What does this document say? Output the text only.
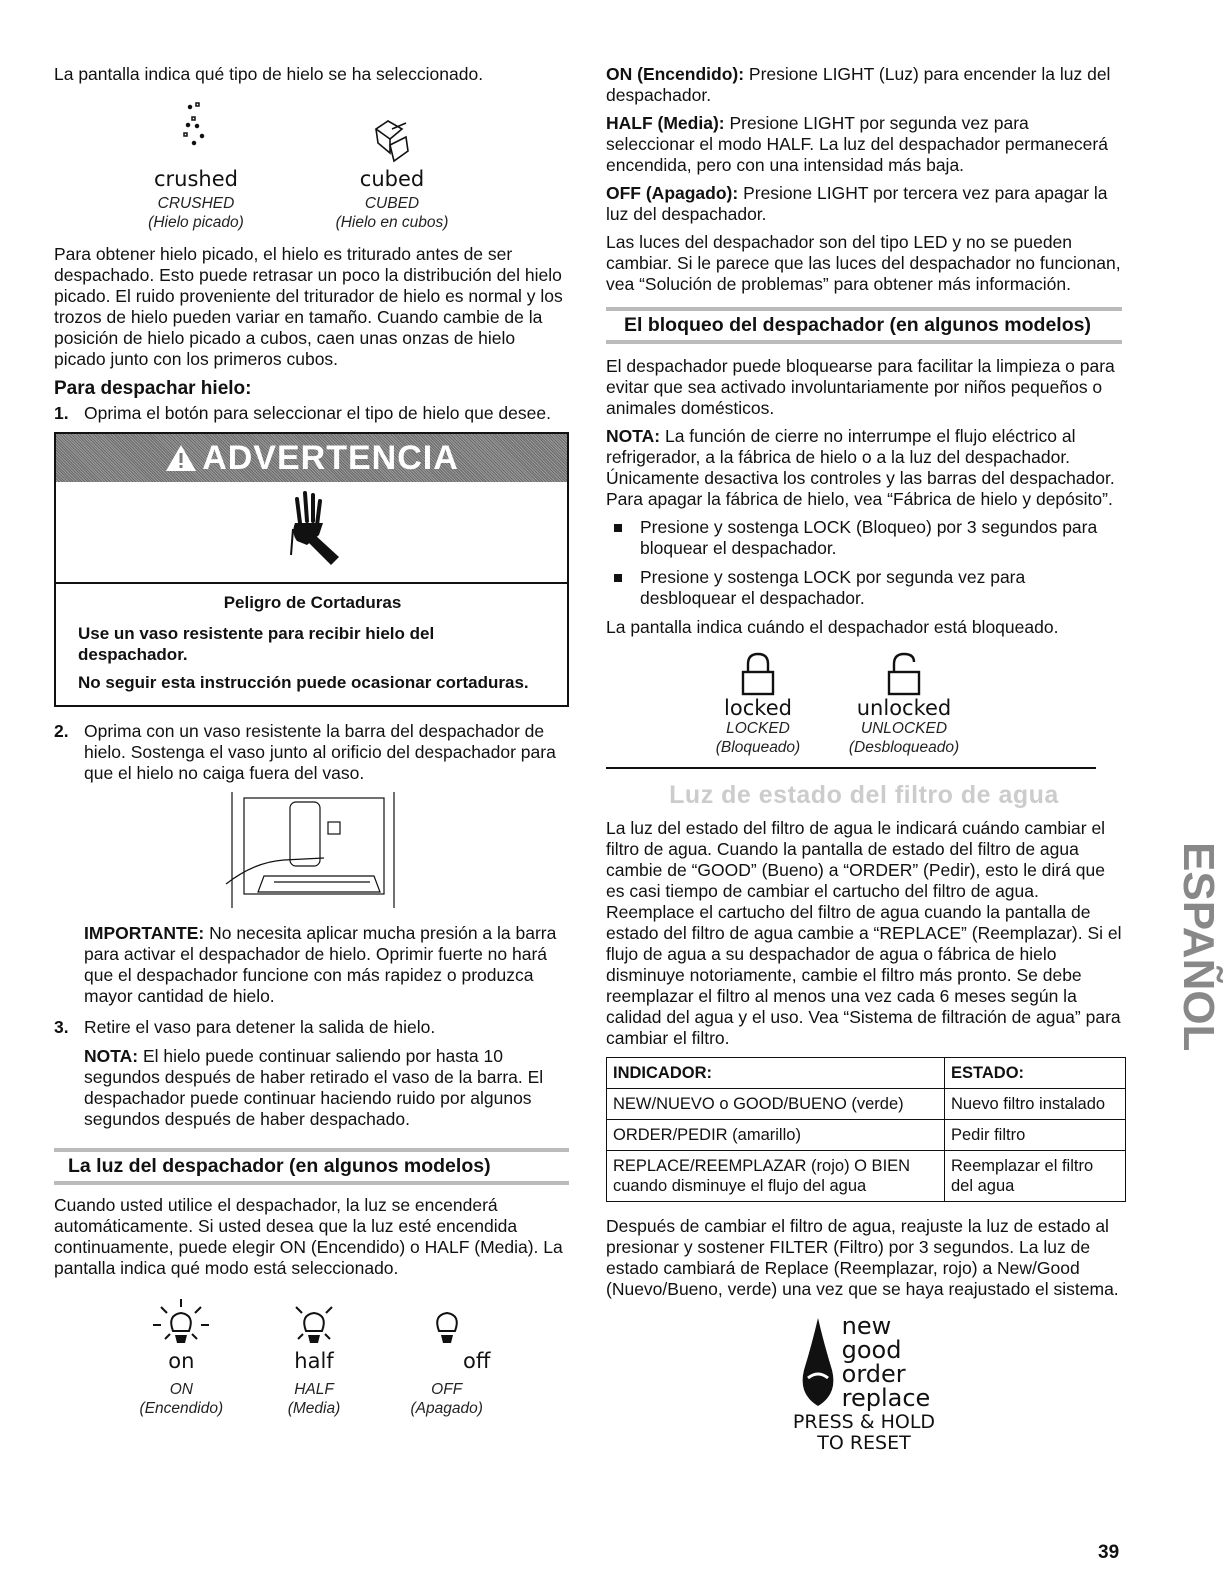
La pantalla indica qué tipo de hielo se ha seleccionado.

crushed
CRUSHED
(Hielo picado)
cubed
CUBED
(Hielo en cubos)

Para obtener hielo picado, el hielo es triturado antes de ser despachado. Esto puede retrasar un poco la distribución del hielo picado. El ruido proveniente del triturador de hielo es normal y los trozos de hielo pueden variar en tamaño. Cuando cambie de la posición de hielo picado a cubos, caen unas onzas de hielo picado junto con los primeros cubos.

Para despachar hielo:
1. Oprima el botón para seleccionar el tipo de hielo que desee.
ADVERTENCIA
Peligro de Cortaduras

Use un vaso resistente para recibir hielo del despachador.

No seguir esta instrucción puede ocasionar cortaduras.

2. Oprima con un vaso resistente la barra del despachador de hielo. Sostenga el vaso junto al orificio del despachador para que el hielo no caiga fuera del vaso.

IMPORTANTE: No necesita aplicar mucha presión a la barra para activar el despachador de hielo. Oprimir fuerte no hará que el despachador funcione con más rapidez o produzca mayor cantidad de hielo.

3. Retire el vaso para detener la salida de hielo.

NOTA: El hielo puede continuar saliendo por hasta 10 segundos después de haber retirado el vaso de la barra. El despachador puede continuar haciendo ruido por algunos segundos después de haber despachado.

La luz del despachador (en algunos modelos)

Cuando usted utilice el despachador, la luz se encenderá automáticamente. Si usted desea que la luz esté encendida continuamente, puede elegir ON (Encendido) o HALF (Media). La pantalla indica qué modo está seleccionado.

on
ON
(Encendido)
half
HALF
(Media)
off
OFF
(Apagado)

ON (Encendido): Presione LIGHT (Luz) para encender la luz del despachador.

HALF (Media): Presione LIGHT por segunda vez para seleccionar el modo HALF. La luz del despachador permanecerá encendida, pero con una intensidad más baja.

OFF (Apagado): Presione LIGHT por tercera vez para apagar la luz del despachador.

Las luces del despachador son del tipo LED y no se pueden cambiar. Si le parece que las luces del despachador no funcionan, vea “Solución de problemas” para obtener más información.

El bloqueo del despachador (en algunos modelos)

El despachador puede bloquearse para facilitar la limpieza o para evitar que sea activado involuntariamente por niños pequeños o animales domésticos.

NOTA: La función de cierre no interrumpe el flujo eléctrico al refrigerador, a la fábrica de hielo o a la luz del despachador. Únicamente desactiva los controles y las barras del despachador. Para apagar la fábrica de hielo, vea “Fábrica de hielo y depósito”.

Presione y sostenga LOCK (Bloqueo) por 3 segundos para bloquear el despachador.
Presione y sostenga LOCK por segunda vez para desbloquear el despachador.

La pantalla indica cuándo el despachador está bloqueado.

locked
LOCKED
(Bloqueado)
unlocked
UNLOCKED
(Desbloqueado)
Luz de estado del filtro de agua

La luz del estado del filtro de agua le indicará cuándo cambiar el filtro de agua. Cuando la pantalla de estado del filtro de agua cambie de “GOOD” (Bueno) a “ORDER” (Pedir), esto le dirá que es casi tiempo de cambiar el cartucho del filtro de agua. Reemplace el cartucho del filtro de agua cuando la pantalla de estado del filtro de agua cambie a “REPLACE” (Reemplazar). Si el flujo de agua a su despachador de agua o fábrica de hielo disminuye notoriamente, cambie el filtro más pronto. Se debe reemplazar el filtro al menos una vez cada 6 meses según la calidad del agua y el uso. Vea “Sistema de filtración de agua” para cambiar el filtro.

INDICADOR:	ESTADO:
NEW/NUEVO o GOOD/BUENO (verde)	Nuevo filtro instalado
ORDER/PEDIR (amarillo)	Pedir filtro
REPLACE/REEMPLAZAR (rojo) O BIEN cuando disminuye el flujo del agua	Reemplazar el filtro del agua

Después de cambiar el filtro de agua, reajuste la luz de estado al presionar y sostener FILTER (Filtro) por 3 segundos. La luz de estado cambiará de Replace (Reemplazar, rojo) a New/Good (Nuevo/Bueno, verde) una vez que se haya reajustado el sistema.

new
good
order
replace
PRESS & HOLD
TO RESET
ESPAÑOL
39
